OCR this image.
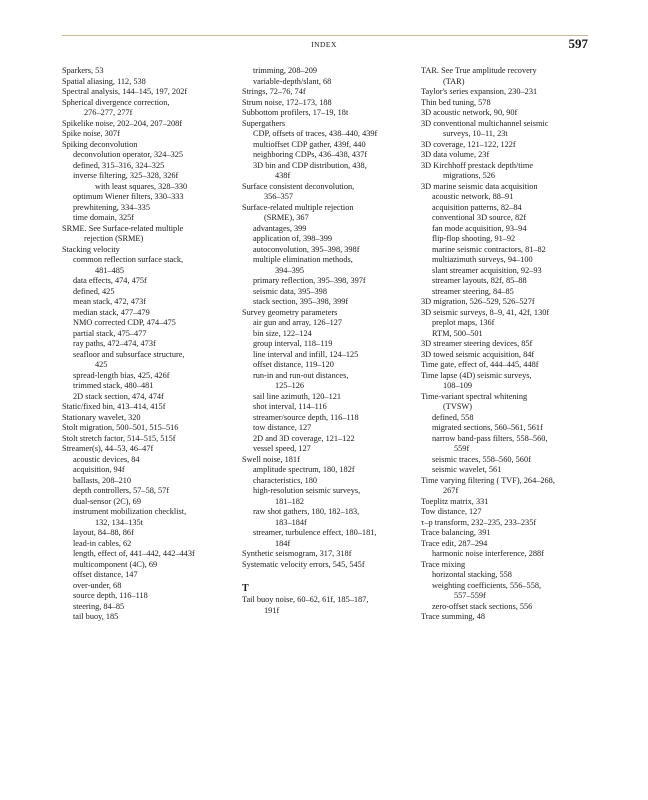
INDEX	597
Sparkers, 53
Spatial aliasing, 112, 538
Spectral analysis, 144–145, 197, 202f
Spherical divergence correction,
276–277, 277f
Spikelike noise, 202–204, 207–208f
Spike noise, 307f
Spiking deconvolution
deconvolution operator, 324–325
defined, 315–316, 324–325
inverse filtering, 325–328, 326f
with least squares, 328–330
optimum Wiener filters, 330–333
prewhitening, 334–335
time domain, 325f
SRME. See Surface-related multiple
rejection (SRME)
Stacking velocity
common reflection surface stack,
481–485
data effects, 474, 475f
defined, 425
mean stack, 472, 473f
median stack, 477–479
NMO corrected CDP, 474–475
partial stack, 475–477
ray paths, 472–474, 473f
seafloor and subsurface structure,
425
spread-length bias, 425, 426f
trimmed stack, 480–481
2D stack section, 474, 474f
Static/fixed bin, 413–414, 415f
Stationary wavelet, 320
Stolt migration, 500–501, 515–516
Stolt stretch factor, 514–515, 515f
Streamer(s), 44–53, 46–47f
acoustic devices, 84
acquisition, 94f
ballasts, 208–210
depth controllers, 57–58, 57f
dual-sensor (2C), 69
instrument mobilization checklist,
132, 134–135t
layout, 84–88, 86f
lead-in cables, 62
length, effect of, 441–442, 442–443f
multicomponent (4C), 69
offset distance, 147
over-under, 68
source depth, 116–118
steering, 84–85
tail buoy, 185
trimming, 208–209
variable-depth/slant, 68
Strings, 72–76, 74f
Strum noise, 172–173, 188
Subbottom profilers, 17–19, 18t
Supergathers
CDP, offsets of traces, 438–440, 439f
multioffset CDP gather, 439f, 440
neighboring CDPs, 436–438, 437f
3D bin and CDP distribution, 438,
438f
Surface consistent deconvolution,
356–357
Surface-related multiple rejection
(SRME), 367
advantages, 399
application of, 398–399
autoconvolution, 395–398, 398f
multiple elimination methods,
394–395
primary reflection, 395–398, 397f
seismic data, 395–398
stack section, 395–398, 399f
Survey geometry parameters
air gun and array, 126–127
bin size, 122–124
group interval, 118–119
line interval and infill, 124–125
offset distance, 119–120
run-in and run-out distances,
125–126
sail line azimuth, 120–121
shot interval, 114–116
streamer/source depth, 116–118
tow distance, 127
2D and 3D coverage, 121–122
vessel speed, 127
Swell noise, 181f
amplitude spectrum, 180, 182f
characteristics, 180
high-resolution seismic surveys,
181–182
raw shot gathers, 180, 182–183,
183–184f
streamer, turbulence effect, 180–181,
184f
Synthetic seismogram, 317, 318f
Systematic velocity errors, 545, 545f
T
Tail buoy noise, 60–62, 61f, 185–187,
191f
TAR. See True amplitude recovery
(TAR)
Taylor's series expansion, 230–231
Thin bed tuning, 578
3D acoustic network, 90, 90f
3D conventional multichannel seismic
surveys, 10–11, 23t
3D coverage, 121–122, 122f
3D data volume, 23f
3D Kirchhoff prestack depth/time
migrations, 526
3D marine seismic data acquisition
acoustic network, 88–91
acquisition patterns, 82–84
conventional 3D source, 82f
fan mode acquisition, 93–94
flip-flop shooting, 91–92
marine seismic contractors, 81–82
multiazimuth surveys, 94–100
slant streamer acquisition, 92–93
streamer layouts, 82f, 85–88
streamer steering, 84–85
3D migration, 526–529, 526–527f
3D seismic surveys, 8–9, 41, 42f, 130f
preplot maps, 136f
RTM, 500–501
3D streamer steering devices, 85f
3D towed seismic acquisition, 84f
Time gate, effect of, 444–445, 448f
Time lapse (4D) seismic surveys,
108–109
Time-variant spectral whitening
(TVSW)
defined, 558
migrated sections, 560–561, 561f
narrow band-pass filters, 558–560,
559f
seismic traces, 558–560, 560f
seismic wavelet, 561
Time varying filtering ( TVF), 264–268,
267f
Toeplitz matrix, 331
Tow distance, 127
τ–p transform, 232–235, 233–235f
Trace balancing, 391
Trace edit, 287–294
harmonic noise interference, 288f
Trace mixing
horizontal stacking, 558
weighting coefficients, 556–558,
557–559f
zero-offset stack sections, 556
Trace summing, 48
